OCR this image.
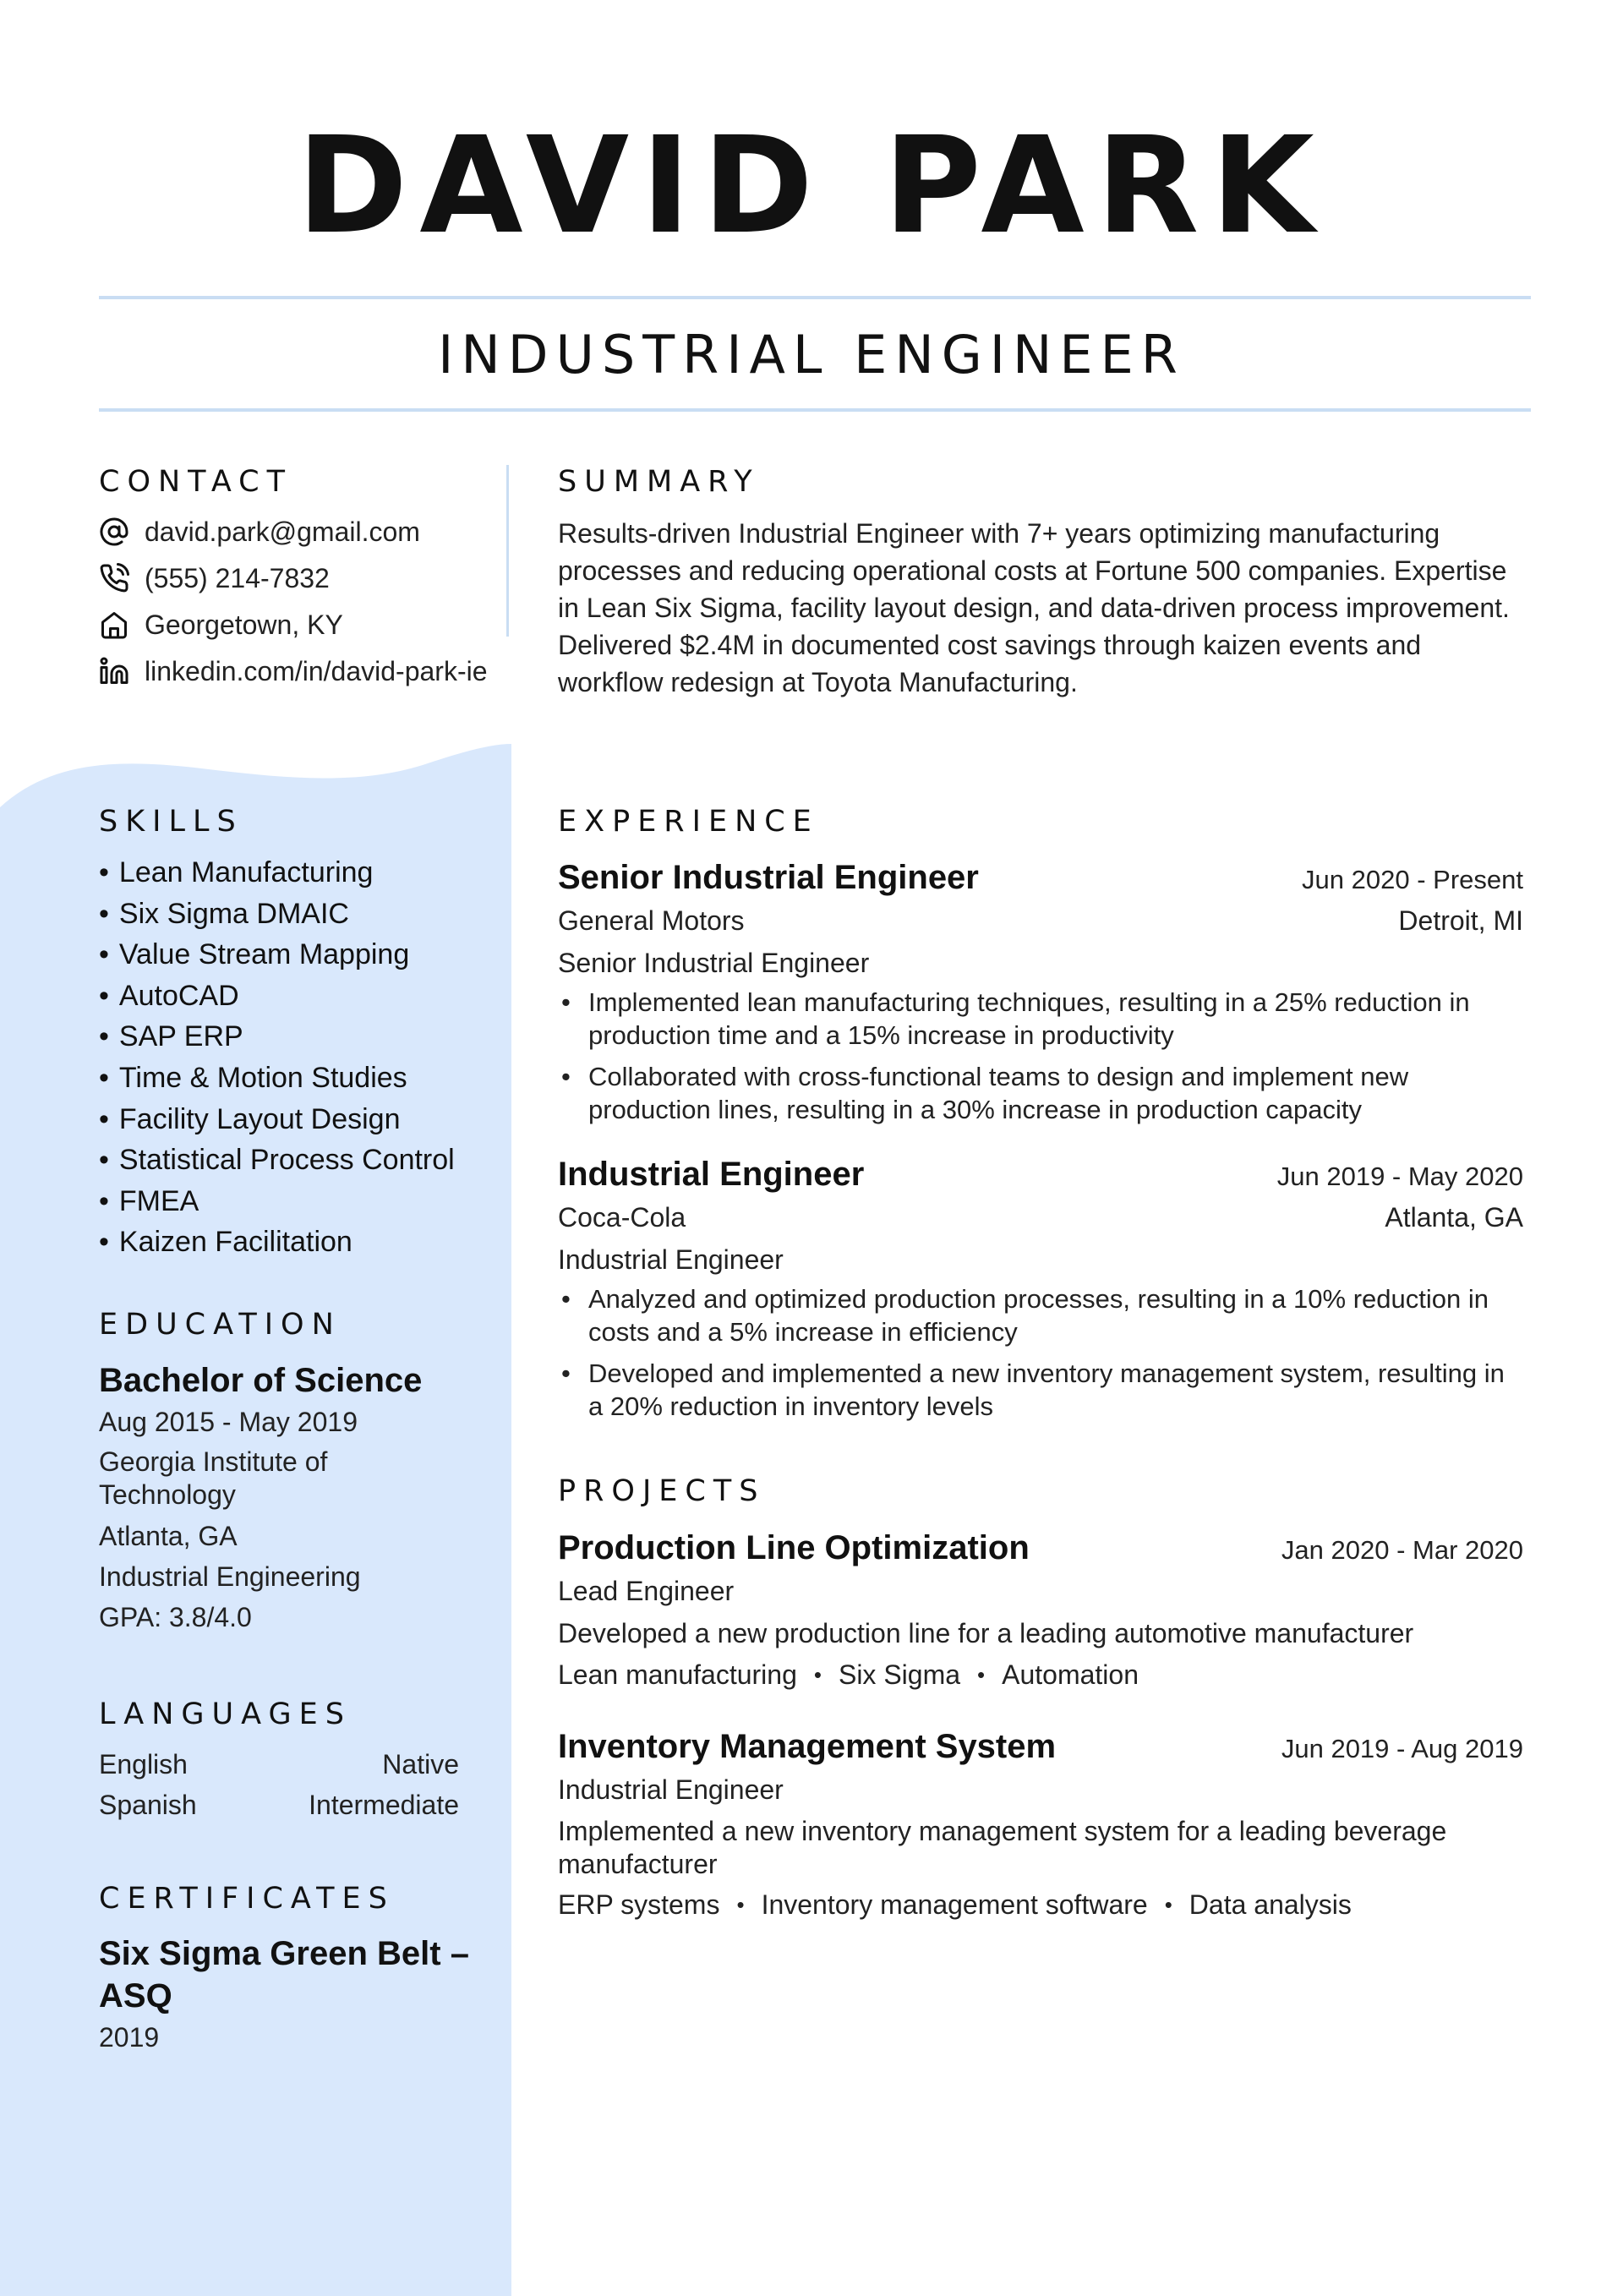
DAVID PARK
INDUSTRIAL ENGINEER
CONTACT
david.park@gmail.com
(555) 214-7832
Georgetown, KY
linkedin.com/in/david-park-ie
SKILLS
• Lean Manufacturing
• Six Sigma DMAIC
• Value Stream Mapping
• AutoCAD
• SAP ERP
• Time & Motion Studies
• Facility Layout Design
• Statistical Process Control
• FMEA
• Kaizen Facilitation
EDUCATION
Bachelor of Science
Aug 2015 - May 2019
Georgia Institute of Technology
Atlanta, GA
Industrial Engineering
GPA: 3.8/4.0
LANGUAGES
English	Native
Spanish	Intermediate
CERTIFICATES
Six Sigma Green Belt – ASQ
2019
SUMMARY
Results-driven Industrial Engineer with 7+ years optimizing manufacturing processes and reducing operational costs at Fortune 500 companies. Expertise in Lean Six Sigma, facility layout design, and data-driven process improvement. Delivered $2.4M in documented cost savings through kaizen events and workflow redesign at Toyota Manufacturing.
EXPERIENCE
Senior Industrial Engineer	Jun 2020 - Present
General Motors	Detroit, MI
Senior Industrial Engineer
• Implemented lean manufacturing techniques, resulting in a 25% reduction in production time and a 15% increase in productivity
• Collaborated with cross-functional teams to design and implement new production lines, resulting in a 30% increase in production capacity
Industrial Engineer	Jun 2019 - May 2020
Coca-Cola	Atlanta, GA
Industrial Engineer
• Analyzed and optimized production processes, resulting in a 10% reduction in costs and a 5% increase in efficiency
• Developed and implemented a new inventory management system, resulting in a 20% reduction in inventory levels
PROJECTS
Production Line Optimization	Jan 2020 - Mar 2020
Lead Engineer
Developed a new production line for a leading automotive manufacturer
Lean manufacturing • Six Sigma • Automation
Inventory Management System	Jun 2019 - Aug 2019
Industrial Engineer
Implemented a new inventory management system for a leading beverage manufacturer
ERP systems • Inventory management software • Data analysis
